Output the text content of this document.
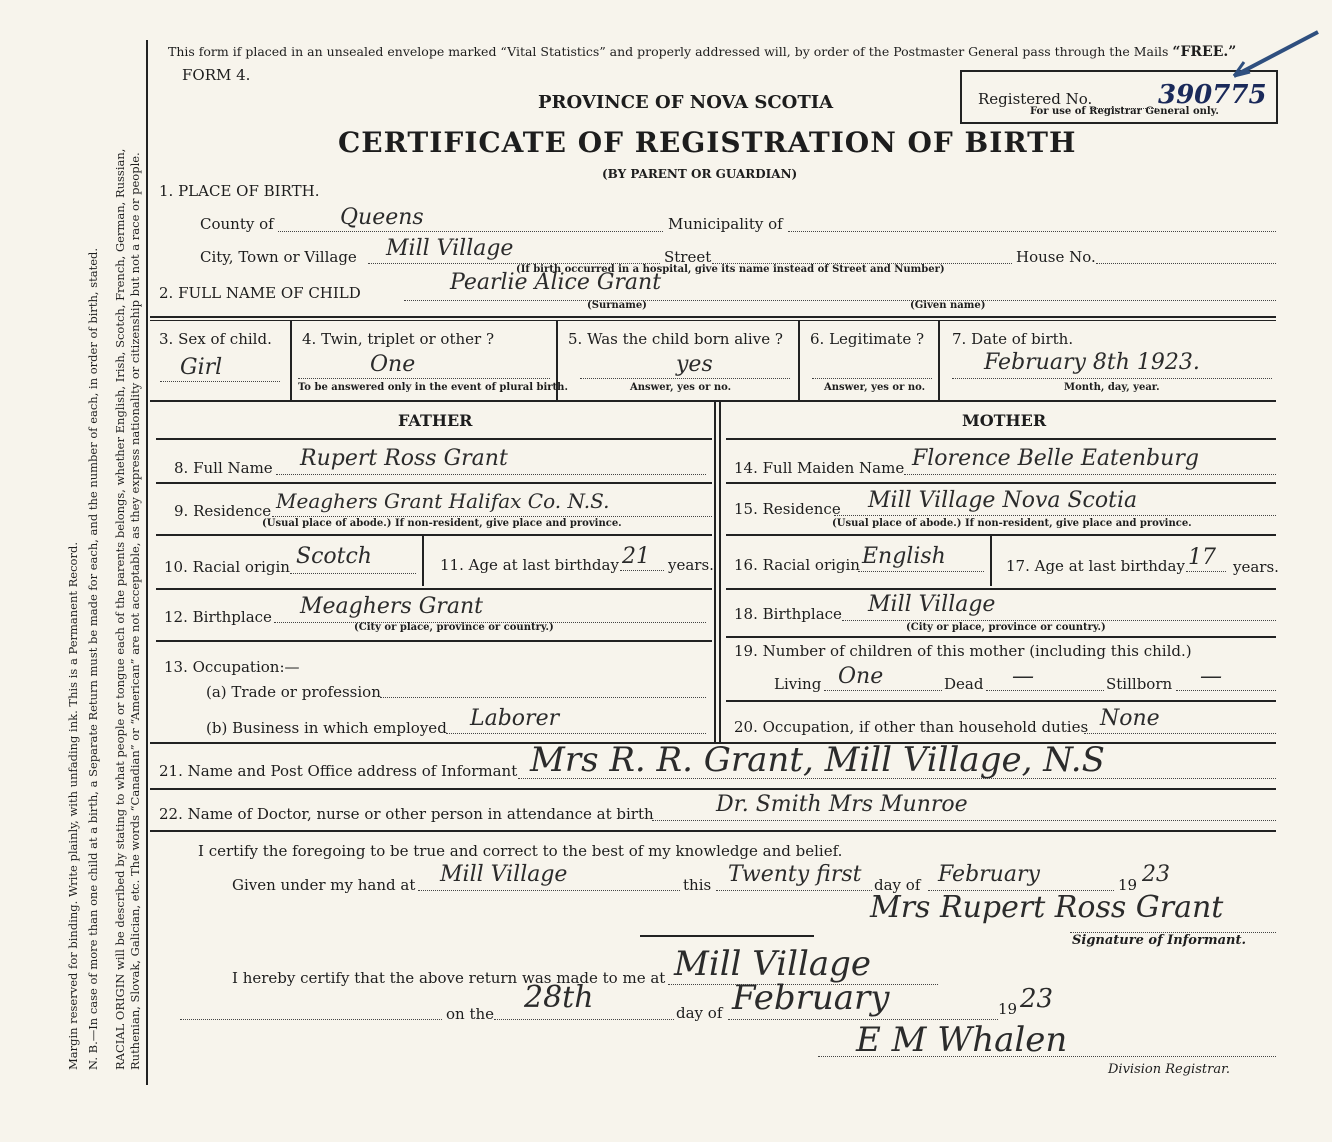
Margin reserved for binding. Write plainly, with unfading ink. This is a Permanent Record. N. B.—In case of more than one child at a birth, a Separate Return must be made for each, and the number of each, in order of birth, stated. RACIAL ORIGIN will be described by stating to what people or tongue each of the parents belongs, whether English, Irish, Scotch, French, German, Russian, Ruthenian, Slovak, Galician, etc. The words “Canadian” or “American” are not acceptable, as they express nationality or citizenship but not a race or people.
This form if placed in an unsealed envelope marked “Vital Statistics” and properly addressed will, by order of the Postmaster General pass through the Mails “FREE.”
FORM 4.
PROVINCE OF NOVA SCOTIA
CERTIFICATE OF REGISTRATION OF BIRTH
(BY PARENT OR GUARDIAN)
Registered No.	390775
For use of Registrar General only.
1. PLACE OF BIRTH.
County of	Queens	Municipality of
City, Town or Village Mill Village	Street	House No.
(If birth occurred in a hospital, give its name instead of Street and Number)
2. FULL NAME OF CHILD	Pearlie Alice Grant
(Surname)	(Given name)
3. Sex of child.
Girl
4. Twin, triplet or other ?
One
To be answered only in the event of plural birth.
5. Was the child born alive ?
yes
Answer, yes or no.
6. Legitimate ?
Answer, yes or no.
7. Date of birth.
February 8th 1923.
Month, day, year.
FATHER	MOTHER
8. Full Name Rupert Ross Grant
9. Residence Meaghers Grant Halifax Co. N.S.
(Usual place of abode.) If non-resident, give place and province.
10. Racial origin Scotch	11. Age at last birthday 21 years.
12. Birthplace Meaghers Grant
(City or place, province or country.)
13. Occupation:—
(a) Trade or profession
(b) Business in which employed Laborer
14. Full Maiden Name Florence Belle Eatenburg
15. Residence Mill Village Nova Scotia
(Usual place of abode.) If non-resident, give place and province.
16. Racial origin English	17. Age at last birthday 17 years.
18. Birthplace Mill Village
(City or place, province or country.)
19. Number of children of this mother (including this child.)
Living One	Dead —	Stillborn —
20. Occupation, if other than household duties None
21. Name and Post Office address of Informant Mrs R. R. Grant, Mill Village, N.S
22. Name of Doctor, nurse or other person in attendance at birth	Dr. Smith Mrs Munroe
I certify the foregoing to be true and correct to the best of my knowledge and belief.
Given under my hand at Mill Village	this Twenty first day of February	19 23
Mrs Rupert Ross Grant
Signature of Informant.
I hereby certify that the above return was made to me at Mill Village
on the 28th	day of February	19 23
E M Whalen
Division Registrar.
